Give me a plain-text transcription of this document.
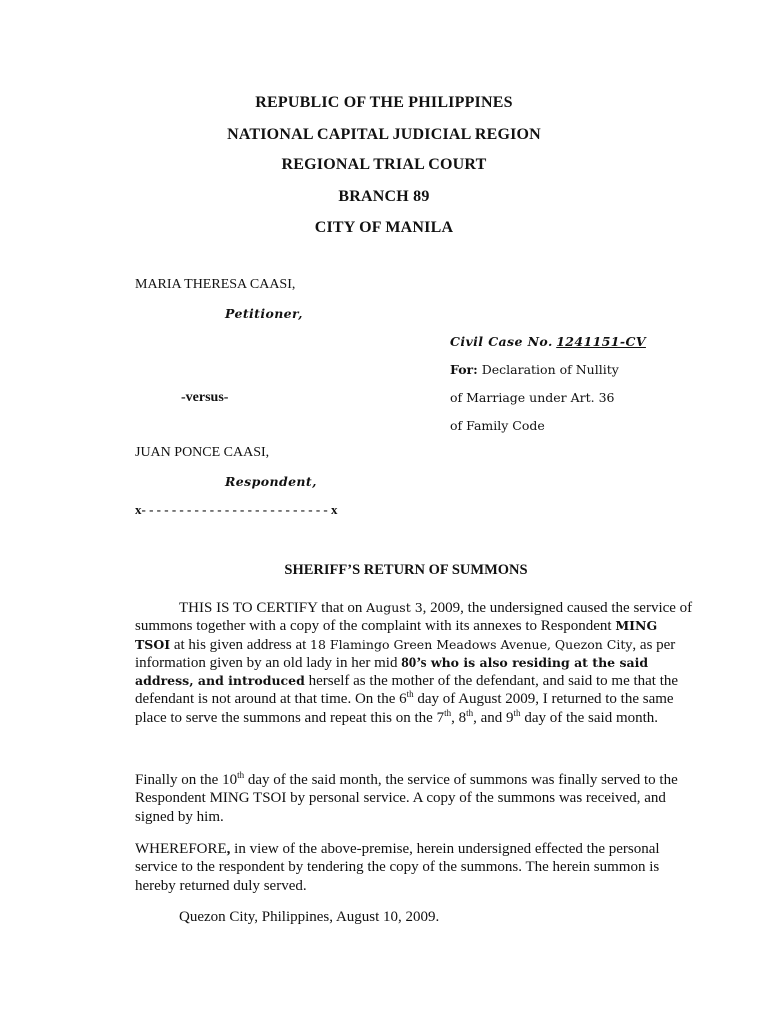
REPUBLIC OF THE PHILIPPINES
NATIONAL CAPITAL JUDICIAL REGION
REGIONAL TRIAL COURT
BRANCH 89
CITY OF MANILA
MARIA THERESA CAASI,
Petitioner,
Civil Case No. 1241151-CV
For: Declaration of Nullity
-versus-	of Marriage under Art. 36
of Family Code
JUAN PONCE CAASI,
Respondent,
x- - - - - - - - - - - - - - - - - - - - - - - - - x
SHERIFF’S RETURN OF SUMMONS
THIS IS TO CERTIFY that on August 3, 2009, the undersigned caused the service of summons together with a copy of the complaint with its annexes to Respondent MING TSOI at his given address at 18 Flamingo Green Meadows Avenue, Quezon City, as per information given by an old lady in her mid 80’s who is also residing at the said address, and introduced herself as the mother of the defendant, and said to me that the defendant is not around at that time. On the 6th day of August 2009, I returned to the same place to serve the summons and repeat this on the 7th, 8th, and 9th day of the said month.
Finally on the 10th day of the said month, the service of summons was finally served to the Respondent MING TSOI by personal service. A copy of the summons was received, and signed by him.
WHEREFORE, in view of the above-premise, herein undersigned effected the personal service to the respondent by tendering the copy of the summons. The herein summon is hereby returned duly served.
Quezon City, Philippines, August 10, 2009.
